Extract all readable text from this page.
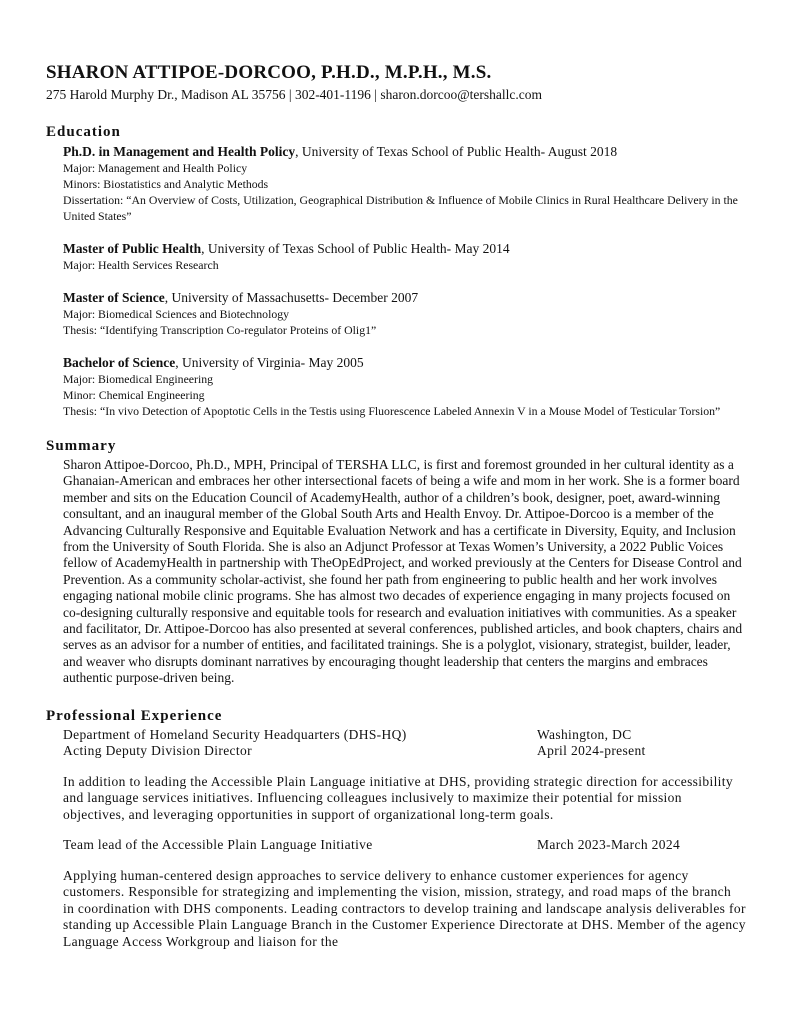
SHARON ATTIPOE-DORCOO, P.H.D., M.P.H., M.S.
275 Harold Murphy Dr., Madison AL 35756 | 302-401-1196 | sharon.dorcoo@tershallc.com
Education
Ph.D. in Management and Health Policy, University of Texas School of Public Health- August 2018
Major: Management and Health Policy
Minors: Biostatistics and Analytic Methods
Dissertation: “An Overview of Costs, Utilization, Geographical Distribution & Influence of Mobile Clinics in Rural Healthcare Delivery in the United States”
Master of Public Health, University of Texas School of Public Health- May 2014
Major: Health Services Research
Master of Science, University of Massachusetts- December 2007
Major: Biomedical Sciences and Biotechnology
Thesis: “Identifying Transcription Co-regulator Proteins of Olig1”
Bachelor of Science, University of Virginia- May 2005
Major: Biomedical Engineering
Minor: Chemical Engineering
Thesis: “In vivo Detection of Apoptotic Cells in the Testis using Fluorescence Labeled Annexin V in a Mouse Model of Testicular Torsion”
Summary
Sharon Attipoe-Dorcoo, Ph.D., MPH, Principal of TERSHA LLC, is first and foremost grounded in her cultural identity as a Ghanaian-American and embraces her other intersectional facets of being a wife and mom in her work. She is a former board member and sits on the Education Council of AcademyHealth, author of a children’s book, designer, poet, award-winning consultant, and an inaugural member of the Global South Arts and Health Envoy. Dr. Attipoe-Dorcoo is a member of the Advancing Culturally Responsive and Equitable Evaluation Network and has a certificate in Diversity, Equity, and Inclusion from the University of South Florida. She is also an Adjunct Professor at Texas Women’s University, a 2022 Public Voices fellow of AcademyHealth in partnership with TheOpEdProject, and worked previously at the Centers for Disease Control and Prevention. As a community scholar-activist, she found her path from engineering to public health and her work involves engaging national mobile clinic programs. She has almost two decades of experience engaging in many projects focused on co-designing culturally responsive and equitable tools for research and evaluation initiatives with communities. As a speaker and facilitator, Dr. Attipoe-Dorcoo has also presented at several conferences, published articles, and book chapters, chairs and serves as an advisor for a number of entities, and facilitated trainings. She is a polyglot, visionary, strategist, builder, leader, and weaver who disrupts dominant narratives by encouraging thought leadership that centers the margins and embraces authentic purpose-driven being.
Professional Experience
Department of Homeland Security Headquarters (DHS-HQ)	Washington, DC
Acting Deputy Division Director	April 2024-present
In addition to leading the Accessible Plain Language initiative at DHS, providing strategic direction for accessibility and language services initiatives. Influencing colleagues inclusively to maximize their potential for mission objectives, and leveraging opportunities in support of organizational long-term goals.
Team lead of the Accessible Plain Language Initiative	March 2023-March 2024
Applying human-centered design approaches to service delivery to enhance customer experiences for agency customers. Responsible for strategizing and implementing the vision, mission, strategy, and road maps of the branch in coordination with DHS components. Leading contractors to develop training and landscape analysis deliverables for standing up Accessible Plain Language Branch in the Customer Experience Directorate at DHS. Member of the agency Language Access Workgroup and liaison for the
